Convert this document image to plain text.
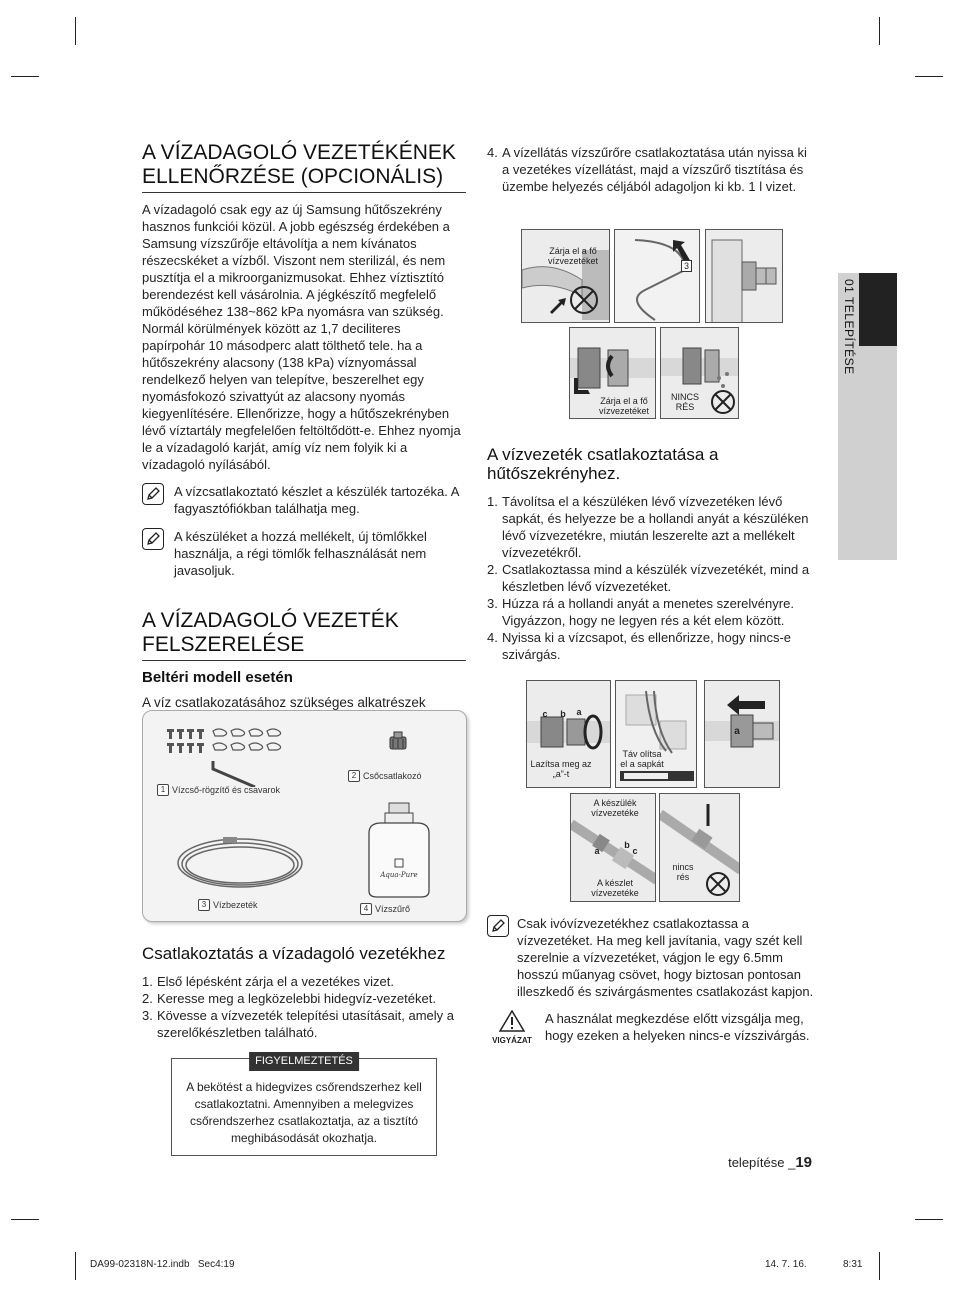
01 TELEPÍTÉSE
A VÍZADAGOLÓ VEZETÉKÉNEK ELLENŐRZÉSE (OPCIONÁLIS)

A vízadagoló csak egy az új Samsung hűtőszekrény hasznos funkciói közül. A jobb egészség érdekében a Samsung vízszűrője eltávolítja a nem kívánatos részecskéket a vízből. Viszont nem sterilizál, és nem pusztítja el a mikroorganizmusokat. Ehhez víztisztító berendezést kell vásárolnia. A jégkészítő megfelelő működéséhez 138~862 kPa nyomásra van szükség. Normál körülmények között az 1,7 deciliteres papírpohár 10 másodperc alatt tölthető tele. ha a hűtőszekrény alacsony (138 kPa) víznyomással rendelkező helyen van telepítve, beszerelhet egy nyomásfokozó szivattyút az alacsony nyomás kiegyenlítésére. Ellenőrizze, hogy a hűtőszekrényben lévő víztartály megfelelően feltöltődött-e. Ehhez nyomja le a vízadagoló karját, amíg víz nem folyik ki a vízadagoló nyílásából.

A vízcsatlakoztató készlet a készülék tartozéka. A fagyasztófiókban találhatja meg.
A készüléket a hozzá mellékelt, új tömlőkkel használja, a régi tömlők felhasználását nem javasoljuk.
A VÍZADAGOLÓ VEZETÉK FELSZERELÉSE
Beltéri modell esetén
A víz csatlakozatásához szükséges alkatrészek
1 Vízcső-rögzítő és csavarok
2 Csőcsatlakozó
3 Vízbezeték
Aqua-Pure
4 Vízszűrő
Csatlakoztatás a vízadagoló vezetékhez
1. Első lépésként zárja el a vezetékes vizet.
2. Keresse meg a legközelebbi hidegvíz-vezetéket.
3. Kövesse a vízvezeték telepítési utasításait, amely a szerelőkészletben található.
FIGYELMEZTETÉS
A bekötést a hidegvizes csőrendszerhez kell csatlakoztatni. Amennyiben a melegvizes csőrendszerhez csatlakoztatja, az a tisztító meghibásodását okozhatja.
4. A vízellátás vízszűrőre csatlakoztatása után nyissa ki a vezetékes vízellátást, majd a vízszűrő tisztítása és üzembe helyezés céljából adagoljon ki kb. 1 l vizet.
Zárja el a fő vízvezetéket	3
Zárja el a fő vízvezetéket
NINCS RÉS
A vízvezeték csatlakoztatása a hűtőszekrényhez.
1. Távolítsa el a készüléken lévő vízvezetéken lévő sapkát, és helyezze be a hollandi anyát a készüléken lévő vízvezetékre, miután leszerelte azt a mellékelt vízvezetékről.
2. Csatlakoztassa mind a készülék vízvezetékét, mind a készletben lévő vízvezetéket.
3. Húzza rá a hollandi anyát a menetes szerelvényre. Vigyázzon, hogy ne legyen rés a két elem között.
4. Nyissa ki a vízcsapot, és ellenőrizze, hogy nincs-e szivárgás.
c b a
Lazítsa meg az „a”-t
Táv olítsa el a sapkát
a
A készülék vízvezetéke
a
b
c
A készlet vízvezetéke
nincs rés
Csak ivóvízvezetékhez csatlakoztassa a vízvezetéket. Ha meg kell javítania, vagy szét kell szerelnie a vízvezetéket, vágjon le egy 6.5mm hosszú műanyag csövet, hogy biztosan pontosan illeszkedő és szivárgásmentes csatlakozást kapjon.
VIGYÁZAT
A használat megkezdése előtt vizsgálja meg, hogy ezeken a helyeken nincs-e vízszivárgás.
telepítése _19
DA99-02318N-12.indb   Sec4:19	14. 7. 16.	8:31
